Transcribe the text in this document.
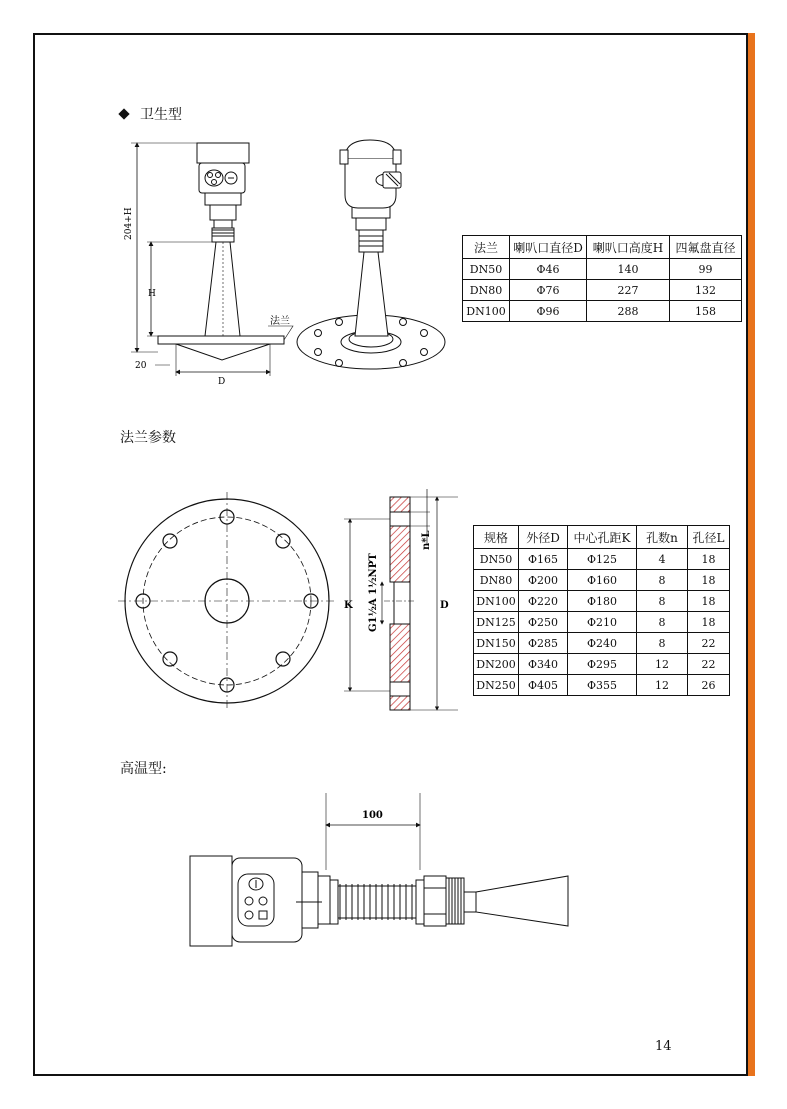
卫生型
法兰参数
高温型:
204+H
H
20
D
法兰
K	D
G1½A 1½NPT
n*L
100
法兰	喇叭口直径D	喇叭口高度H	四氟盘直径
DN50	Φ46	140	99
DN80	Φ76	227	132
DN100	Φ96	288	158
规格	外径D	中心孔距K	孔数n	孔径L
DN50	Φ165	Φ125	4	18
DN80	Φ200	Φ160	8	18
DN100	Φ220	Φ180	8	18
DN125	Φ250	Φ210	8	18
DN150	Φ285	Φ240	8	22
DN200	Φ340	Φ295	12	22
DN250	Φ405	Φ355	12	26
14
